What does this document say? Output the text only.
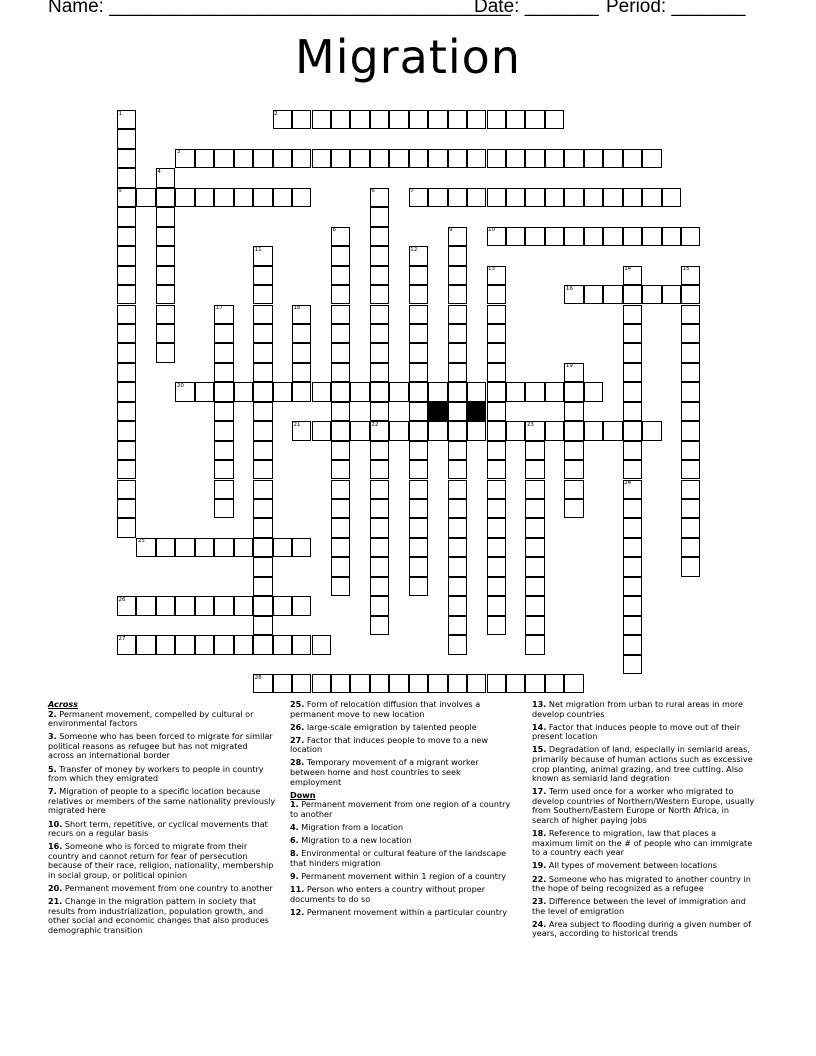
Name: ______________________________________
Date: _______ Period: _______
Migration
1	2
3
4
5	6	7
8	9	10
11	12
13	14	15
16
17	18
19
20
21	22	23
24
25
26
27
28
Across
2. Permanent movement, compelled by cultural or environmental factors
3. Someone who has been forced to migrate for similar political reasons as refugee but has not migrated across an international border
5. Transfer of money by workers to people in country from which they emigrated
7. Migration of people to a specific location because relatives or members of the same nationality previously migrated here
10. Short term, repetitive, or cyclical movements that recurs on a regular basis
16. Someone who is forced to migrate from their country and cannot return for fear of persecution because of their race, religion, nationality, membership in social group, or political opinion
20. Permanent movement from one country to another
21. Change in the migration pattern in society that results from industrialization, population growth, and other social and economic changes that also produces demographic transition
25. Form of relocation diffusion that involves a permanent move to new location
26. large-scale emigration by talented people
27. Factor that induces people to move to a new location
28. Temporary movement of a migrant worker between home and host countries to seek employment
Down
1. Permanent movement from one region of a country to another
4. Migration from a location
6. Migration to a new location
8. Environmental or cultural feature of the landscape that hinders migration
9. Permanent movement within 1 region of a country
11. Person who enters a country without proper documents to do so
12. Permanent movement within a particular country
13. Net migration from urban to rural areas in more develop countries
14. Factor that induces people to move out of their present location
15. Degradation of land, especially in semiarid areas, primarily because of human actions such as excessive crop planting, animal grazing, and tree cutting. Also known as semiarid land degration
17. Term used once for a worker who migrated to develop countries of Northern/Western Europe, usually from Southern/Eastern Europe or North Africa, in search of higher paying jobs
18. Reference to migration, law that places a maximum limit on the # of people who can immigrate to a country each year
19. All types of movement between locations
22. Someone who has migrated to another country in the hope of being recognized as a refugee
23. Difference between the level of immigration and the level of emigration
24. Area subject to flooding during a given number of years, according to historical trends
